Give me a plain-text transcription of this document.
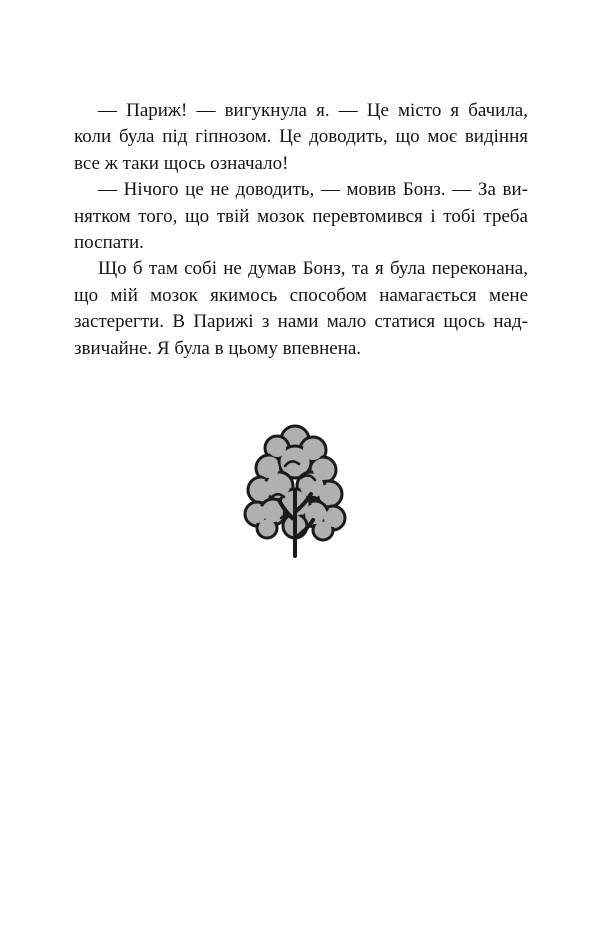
— Париж! — вигукнула я. — Це місто я бачила, коли була під гіпнозом. Це доводить, що моє видіння все ж таки щось означало!

— Нічого це не доводить, — мовив Бонз. — За винятком того, що твій мозок перевтомився і тобі треба поспати.

Що б там собі не думав Бонз, та я була переконана, що мій мозок якимось способом намагається мене застерегти. В Парижі з нами мало статися щось надзвичайне. Я була в цьому впевнена.
